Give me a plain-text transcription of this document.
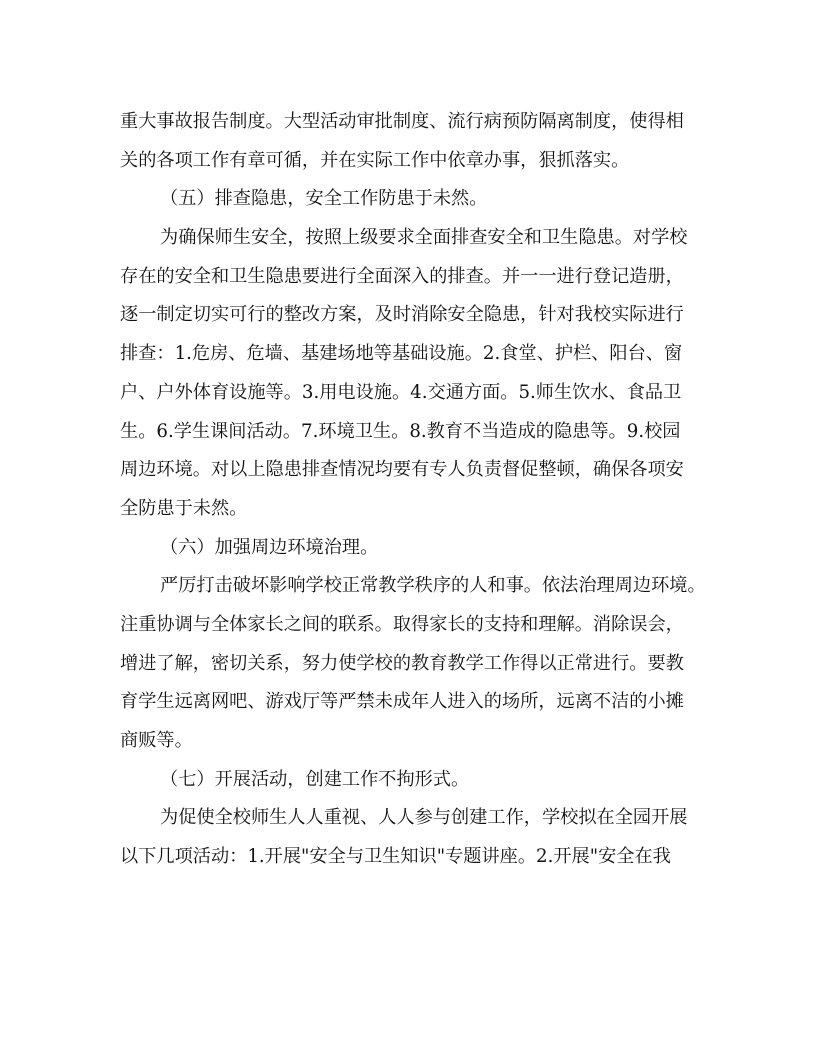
重大事故报告制度。大型活动审批制度、流行病预防隔离制度，使得相
关的各项工作有章可循，并在实际工作中依章办事，狠抓落实。
（五）排查隐患，安全工作防患于未然。
为确保师生安全，按照上级要求全面排查安全和卫生隐患。对学校
存在的安全和卫生隐患要进行全面深入的排查。并一一进行登记造册，
逐一制定切实可行的整改方案，及时消除安全隐患，针对我校实际进行
排查：1.危房、危墙、基建场地等基础设施。2.食堂、护栏、阳台、窗
户、户外体育设施等。3.用电设施。4.交通方面。5.师生饮水、食品卫
生。6.学生课间活动。7.环境卫生。8.教育不当造成的隐患等。9.校园
周边环境。对以上隐患排查情况均要有专人负责督促整顿，确保各项安
全防患于未然。
（六）加强周边环境治理。
严厉打击破坏影响学校正常教学秩序的人和事。依法治理周边环境。
注重协调与全体家长之间的联系。取得家长的支持和理解。消除误会，
增进了解，密切关系，努力使学校的教育教学工作得以正常进行。要教
育学生远离网吧、游戏厅等严禁未成年人进入的场所，远离不洁的小摊
商贩等。
（七）开展活动，创建工作不拘形式。
为促使全校师生人人重视、人人参与创建工作，学校拟在全园开展
以下几项活动：1.开展"安全与卫生知识"专题讲座。2.开展"安全在我
